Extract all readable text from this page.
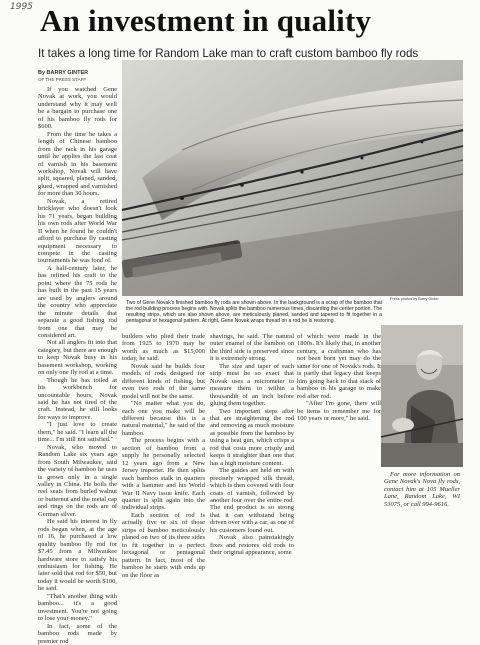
1995 An investment in quality
It takes a long time for Random Lake man to craft custom bamboo fly rods
By BARRY GINTER
OF THE PRESS STAFF

If you watched Gene Novak at work, you would understand why it may well be a bargain to purchase one of his bamboo fly rods for $600.

From the time he takes a length of Chinese bamboo from the rack in his garage until he applies the last coat of varnish in his basement workshop, Novak will have split, squared, planed, sanded, glued, wrapped and varnished for more than 30 hours.

Novak, a retired bricklayer who doesn't look his 71 years, began building his own rods after World War II when he found he couldn't afford to purchase fly casting equipment necessary to compete in the casting tournaments he was fond of.

A half-century later, he has refined his craft to the point where the 75 rods he has built in the past 15 years are used by anglers around the country who appreciate the minute details that separate a good fishing rod from one that may be considered art.

Not all anglers fit into that category, but there are enough to keep Novak busy in his basement workshop, working on only one fly rod at a time.

Though he has toiled at his workbench for uncountable hours, Novak said he has not tired of the craft. Instead, he still looks for ways to improve.

"I just love to create them," he said. "I learn all the time... I'm still not satisfied."

Novak, who moved to Random Lake six years ago from South Milwaukee, said the variety of bamboo he uses is grown only in a single valley in China. He boils the reel seats from burled walnut or butternut and the metal cap and rings on the rods are of German silver.

He said his interest in fly rods began when, at the age of 16, he purchased a low quality bamboo fly rod for $7.45 from a Milwaukee hardware store to satisfy his enthusiasm for fishing. He later sold that rod for $50, but today it would be worth $100, he said.

"That's another thing with bamboo... it's a good investment. You're not going to lose your money."

In fact, some of the bamboo rods made by premier rod

Press photos by Barry Ginter
Two of Gene Novak's finished bamboo fly rods are shown above. In the background is a scrap of the bamboo that the rod building process begins with. Novak splits the bamboo numerous times, discarding the center portion. The resulting strips, which are also shown above, are meticulously planed, sanded and tapered to fit together in a pentagonal or hexagonal pattern. At right, Gene Novak wraps thread on a rod he is restoring.

builders who plied their trade from 1925 to 1970 may be worth as much as $15,000 today, he said.

Novak said he builds four models of rods designed for different kinds of fishing, but even two rods of the same model will not be the same.

"No matter what you do, each one you make will be different because this is a natural material," he said of the bamboo.

The process begins with a section of bamboo from a supply he personally selected 12 years ago from a New Jersey importer. He then splits each bamboo stalk in quarters with a hammer and his World War II Navy issue knife. Each quarter is split again into the individual strips.

Each section of rod is actually five or six of those strips of bamboo meticulously planed on two of its three sides to fit together in a perfect hexagonal or pentagonal pattern. In fact, most of the bamboo he starts with ends up on the floor as

shavings, he said. The natural outer enamel of the bamboo on the third side is preserved since it is extremely strong.

The size and taper of each strip must be so exact that Novak uses a micrometer to measure them to within a thousandth of an inch before gluing them together.

Two important steps after that are straightening the rod and removing as much moisture as possible from the bamboo by using a heat gun, which crisps a rod that costs more crisply and keeps it straighter than one that has a high moisture content.

The guides are held on with precisely wrapped silk thread, which is then covered with four coats of varnish, followed by another four over the entire rod. The end product is so strong that it can withstand being driven over with a car, as one of his customers found out.

Novak also painstakingly fixes and restores old rods to their original appearance, some

of which were made in the 1800s. It's likely that, in another century, a craftsman who has not been born yet may do the same for one of Novak's rods. It is partly that legacy that keeps him going back to that stack of bamboo in his garage to make rod after rod.

"After I'm gone, there will be items to remember me for 100 years or more," he said.

For more information on Gene Novak's Nova fly rods, contact him at 105 Mueller Lane, Random Lake, WI 53075, or call 994-9616.
